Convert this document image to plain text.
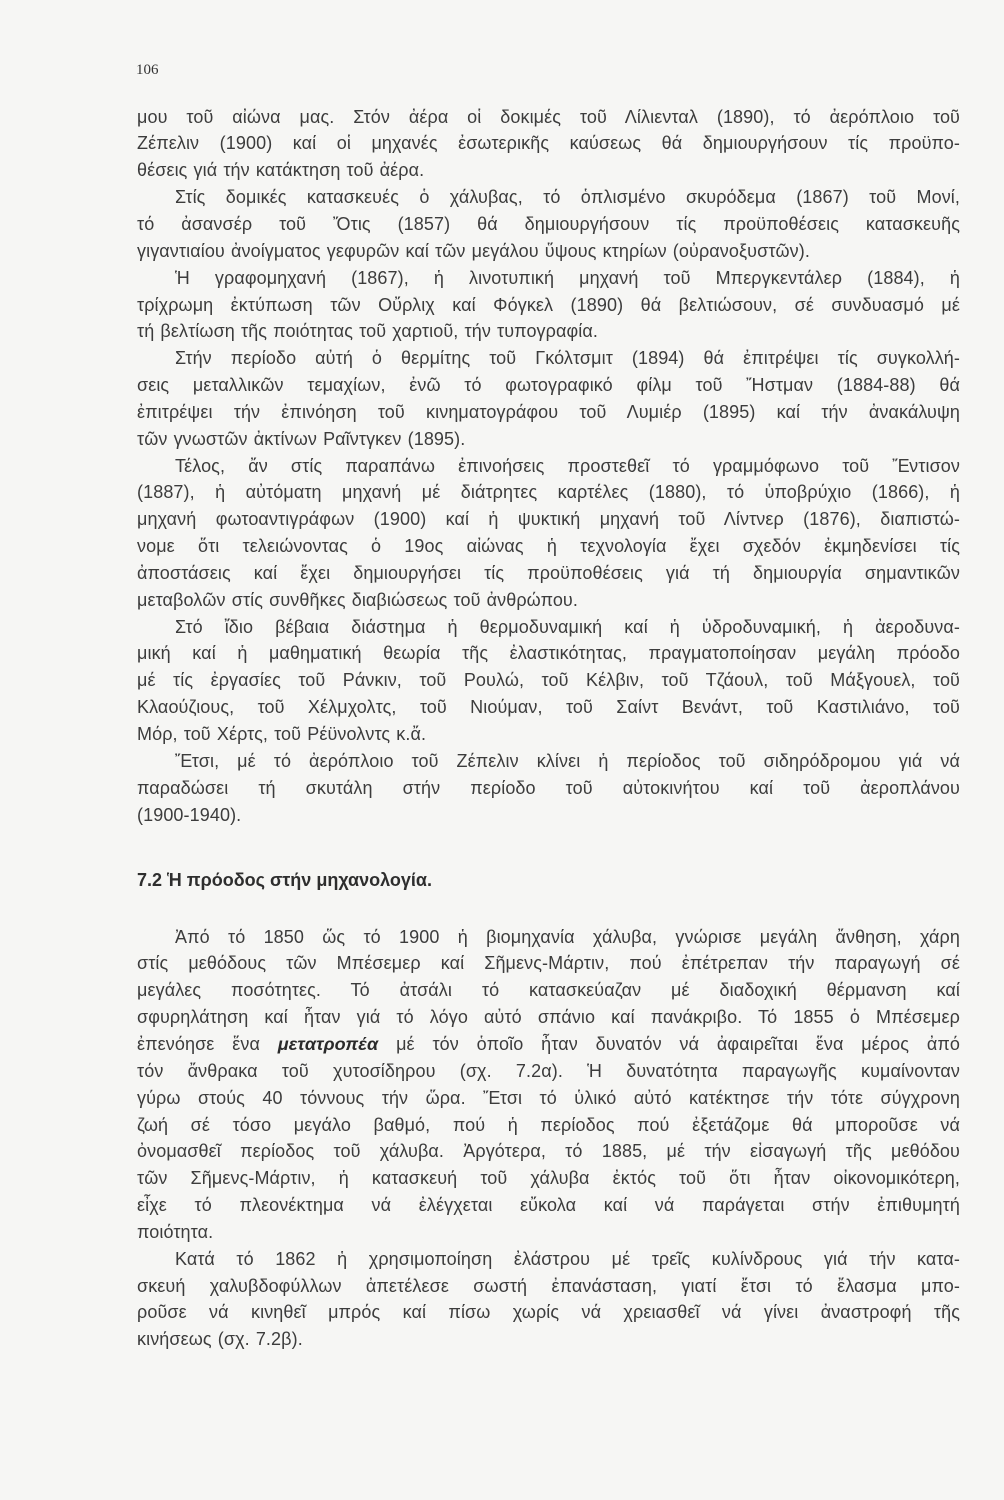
106
μου τοῦ αἰώνα μας. Στόν ἀέρα οἱ δοκιμές τοῦ Λίλιενταλ (1890), τό ἀερόπλοιο τοῦ
Ζέπελιν (1900) καί οἱ μηχανές ἐσωτερικῆς καύσεως θά δημιουργήσουν τίς προϋπο-
θέσεις γιά τήν κατάκτηση τοῦ ἀέρα.
Στίς δομικές κατασκευές ὁ χάλυβας, τό ὁπλισμένο σκυρόδεμα (1867) τοῦ Μονί,
τό ἀσανσέρ τοῦ Ὄτις (1857) θά δημιουργήσουν τίς προϋποθέσεις κατασκευῆς
γιγαντιαίου ἀνοίγματος γεφυρῶν καί τῶν μεγάλου ὕψους κτηρίων (οὐρανοξυστῶν).
Ἡ γραφομηχανή (1867), ἡ λινοτυπική μηχανή τοῦ Μπεργκεντάλερ (1884), ἡ
τρίχρωμη ἐκτύπωση τῶν Οὔρλιχ καί Φόγκελ (1890) θά βελτιώσουν, σέ συνδυασμό μέ
τή βελτίωση τῆς ποιότητας τοῦ χαρτιοῦ, τήν τυπογραφία.
Στήν περίοδο αὐτή ὁ θερμίτης τοῦ Γκόλτσμιτ (1894) θά ἐπιτρέψει τίς συγκολλή-
σεις μεταλλικῶν τεμαχίων, ἐνῶ τό φωτογραφικό φίλμ τοῦ Ἤστμαν (1884-88) θά
ἐπιτρέψει τήν ἐπινόηση τοῦ κινηματογράφου τοῦ Λυμιέρ (1895) καί τήν ἀνακάλυψη
τῶν γνωστῶν ἀκτίνων Ραῖντγκεν (1895).
Τέλος, ἄν στίς παραπάνω ἐπινοήσεις προστεθεῖ τό γραμμόφωνο τοῦ Ἔντισον
(1887), ἡ αὐτόματη μηχανή μέ διάτρητες καρτέλες (1880), τό ὑποβρύχιο (1866), ἡ
μηχανή φωτοαντιγράφων (1900) καί ἡ ψυκτική μηχανή τοῦ Λίντνερ (1876), διαπιστώ-
νομε ὅτι τελειώνοντας ὁ 19ος αἰώνας ἡ τεχνολογία ἔχει σχεδόν ἐκμηδενίσει τίς
ἀποστάσεις καί ἔχει δημιουργήσει τίς προϋποθέσεις γιά τή δημιουργία σημαντικῶν
μεταβολῶν στίς συνθῆκες διαβιώσεως τοῦ ἀνθρώπου.
Στό ἴδιο βέβαια διάστημα ἡ θερμοδυναμική καί ἡ ὑδροδυναμική, ἡ ἀεροδυνα-
μική καί ἡ μαθηματική θεωρία τῆς ἐλαστικότητας, πραγματοποίησαν μεγάλη πρόοδο
μέ τίς ἐργασίες τοῦ Ράνκιν, τοῦ Ρουλώ, τοῦ Κέλβιν, τοῦ Τζάουλ, τοῦ Μάξγουελ, τοῦ
Κλαούζιους, τοῦ Χέλμχολτς, τοῦ Νιούμαν, τοῦ Σαίντ Βενάντ, τοῦ Καστιλιάνο, τοῦ
Μόρ, τοῦ Χέρτς, τοῦ Ρέϋνολντς κ.ἄ.
Ἔτσι, μέ τό ἀερόπλοιο τοῦ Ζέπελιν κλίνει ἡ περίοδος τοῦ σιδηρόδρομου γιά νά
παραδώσει τή σκυτάλη στήν περίοδο τοῦ αὐτοκινήτου καί τοῦ ἀεροπλάνου
(1900-1940).
7.2 Ἡ πρόοδος στήν μηχανολογία.
Ἀπό τό 1850 ὥς τό 1900 ἡ βιομηχανία χάλυβα, γνώρισε μεγάλη ἄνθηση, χάρη
στίς μεθόδους τῶν Μπέσεμερ καί Σῆμενς-Μάρτιν, πού ἐπέτρεπαν τήν παραγωγή σέ
μεγάλες ποσότητες. Τό ἀτσάλι τό κατασκεύαζαν μέ διαδοχική θέρμανση καί
σφυρηλάτηση καί ἦταν γιά τό λόγο αὐτό σπάνιο καί πανάκριβο. Τό 1855 ὁ Μπέσεμερ
ἐπενόησε ἕνα μετατροπέα μέ τόν ὁποῖο ἦταν δυνατόν νά ἀφαιρεῖται ἕνα μέρος ἀπό
τόν ἄνθρακα τοῦ χυτοσίδηρου (σχ. 7.2α). Ἡ δυνατότητα παραγωγῆς κυμαίνονταν
γύρω στούς 40 τόννους τήν ὥρα. Ἔτσι τό ὑλικό αὐτό κατέκτησε τήν τότε σύγχρονη
ζωή σέ τόσο μεγάλο βαθμό, πού ἡ περίοδος πού ἐξετάζομε θά μποροῦσε νά
ὀνομασθεῖ περίοδος τοῦ χάλυβα. Ἀργότερα, τό 1885, μέ τήν εἰσαγωγή τῆς μεθόδου
τῶν Σῆμενς-Μάρτιν, ἡ κατασκευή τοῦ χάλυβα ἐκτός τοῦ ὅτι ἦταν οἰκονομικότερη,
εἶχε τό πλεονέκτημα νά ἐλέγχεται εὔκολα καί νά παράγεται στήν ἐπιθυμητή
ποιότητα.
Κατά τό 1862 ἡ χρησιμοποίηση ἐλάστρου μέ τρεῖς κυλίνδρους γιά τήν κατα-
σκευή χαλυβδοφύλλων ἀπετέλεσε σωστή ἐπανάσταση, γιατί ἔτσι τό ἔλασμα μπο-
ροῦσε νά κινηθεῖ μπρός καί πίσω χωρίς νά χρειασθεῖ νά γίνει ἀναστροφή τῆς
κινήσεως (σχ. 7.2β).
